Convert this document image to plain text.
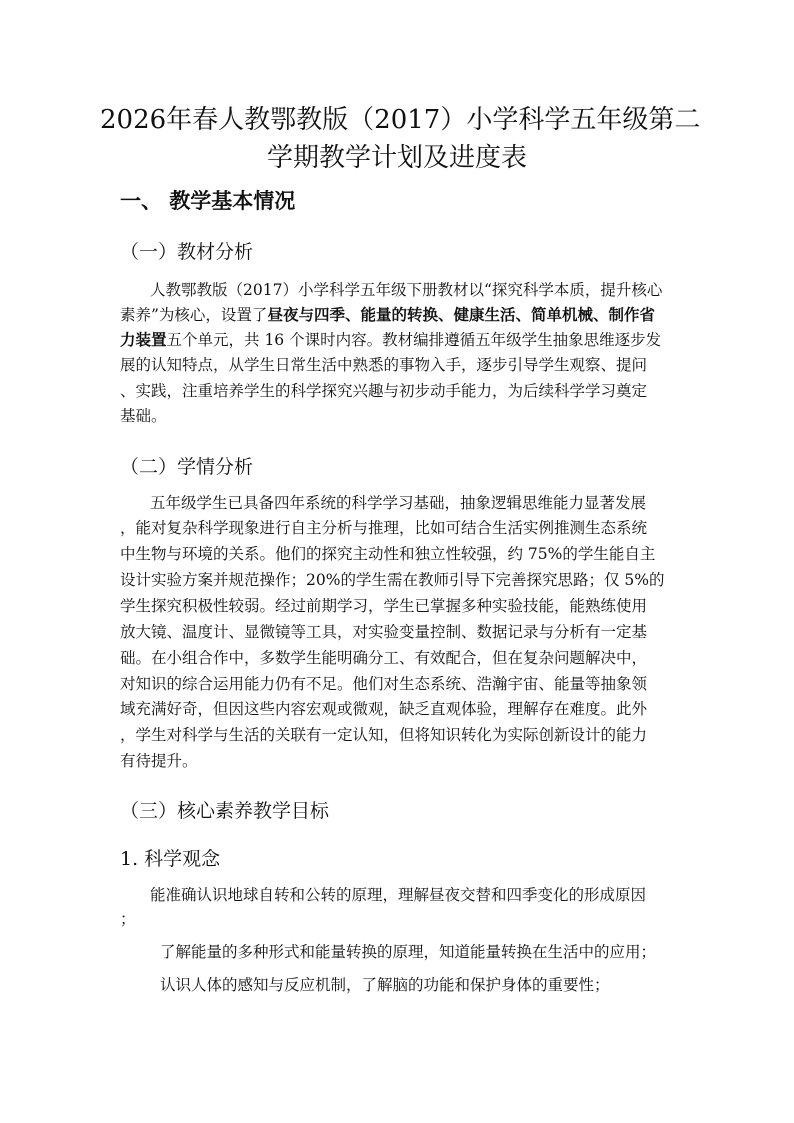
2026年春人教鄂教版（2017）小学科学五年级第二
学期教学计划及进度表
一、 教学基本情况
（一）教材分析
人教鄂教版（2017）小学科学五年级下册教材以“探究科学本质，提升核心
素养”为核心，设置了昼夜与四季、能量的转换、健康生活、简单机械、制作省
力装置五个单元，共 16 个课时内容。教材编排遵循五年级学生抽象思维逐步发
展的认知特点，从学生日常生活中熟悉的事物入手，逐步引导学生观察、提问
、实践，注重培养学生的科学探究兴趣与初步动手能力，为后续科学学习奠定
基础。
（二）学情分析
五年级学生已具备四年系统的科学学习基础，抽象逻辑思维能力显著发展
，能对复杂科学现象进行自主分析与推理，比如可结合生活实例推测生态系统
中生物与环境的关系。他们的探究主动性和独立性较强，约 75%的学生能自主
设计实验方案并规范操作；20%的学生需在教师引导下完善探究思路；仅 5%的
学生探究积极性较弱。经过前期学习，学生已掌握多种实验技能，能熟练使用
放大镜、温度计、显微镜等工具，对实验变量控制、数据记录与分析有一定基
础。在小组合作中，多数学生能明确分工、有效配合，但在复杂问题解决中，
对知识的综合运用能力仍有不足。他们对生态系统、浩瀚宇宙、能量等抽象领
域充满好奇，但因这些内容宏观或微观，缺乏直观体验，理解存在难度。此外
，学生对科学与生活的关联有一定认知，但将知识转化为实际创新设计的能力
有待提升。
（三）核心素养教学目标
1. 科学观念
能准确认识地球自转和公转的原理，理解昼夜交替和四季变化的形成原因
；
了解能量的多种形式和能量转换的原理，知道能量转换在生活中的应用；
认识人体的感知与反应机制，了解脑的功能和保护身体的重要性；
